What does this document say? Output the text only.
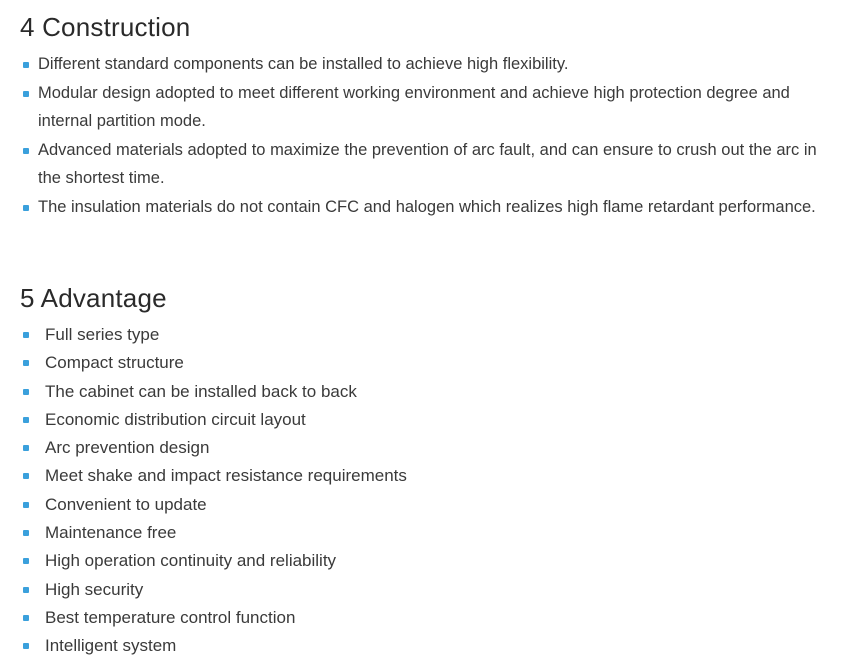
4 Construction
Different standard components can be installed to achieve high flexibility.
Modular design adopted to meet different working environment and achieve high protection degree and internal partition mode.
Advanced materials adopted to maximize the prevention of arc fault, and can ensure to crush out the arc in the shortest time.
The insulation materials do not contain CFC and halogen which realizes high flame retardant performance.
5 Advantage
Full series type
Compact structure
The cabinet can be installed back to back
Economic distribution circuit layout
Arc prevention design
Meet shake and impact resistance requirements
Convenient to update
Maintenance free
High operation continuity and reliability
High security
Best temperature control function
Intelligent system
